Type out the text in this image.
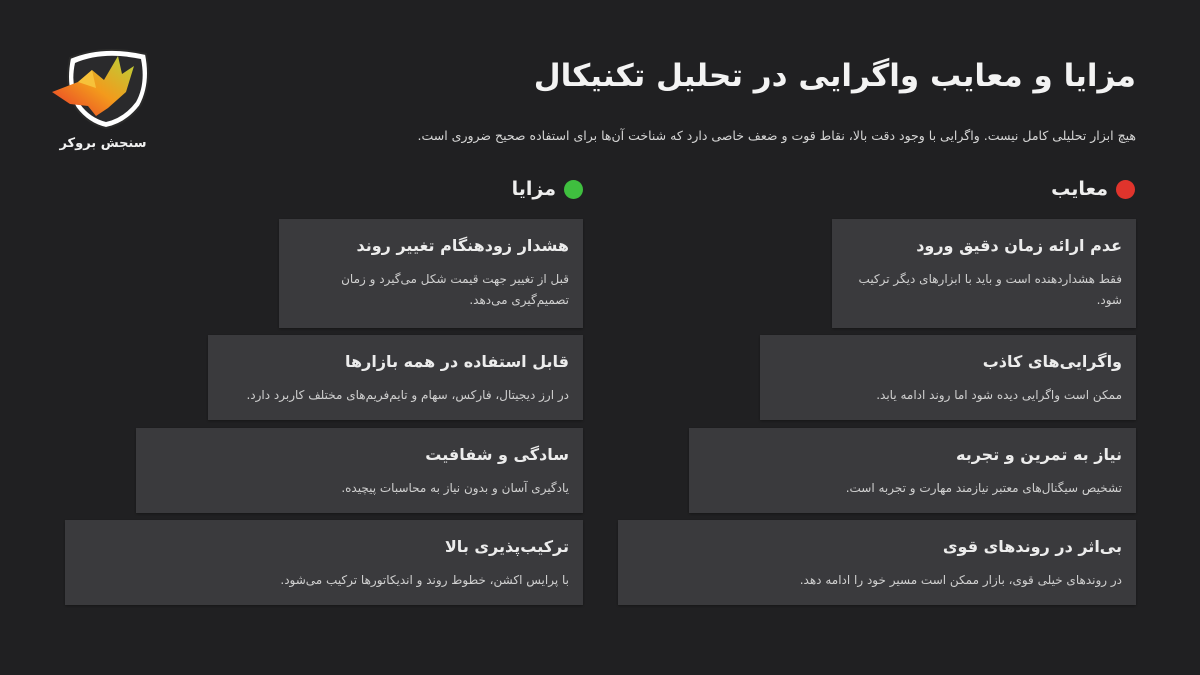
سنجش بروکر
مزایا و معایب واگرایی در تحلیل تکنیکال
هیچ ابزار تحلیلی کامل نیست. واگرایی با وجود دقت بالا، نقاط قوت و ضعف خاصی دارد که شناخت آن‌ها برای استفاده صحیح ضروری است.
مزایا	معایب
هشدار زودهنگام تغییر روند
قبل از تغییر جهت قیمت شکل می‌گیرد و زمان تصمیم‌گیری می‌دهد.
قابل استفاده در همه بازارها
در ارز دیجیتال، فارکس، سهام و تایم‌فریم‌های مختلف کاربرد دارد.
سادگی و شفافیت
یادگیری آسان و بدون نیاز به محاسبات پیچیده.
ترکیب‌پذیری بالا
با پرایس اکشن، خطوط روند و اندیکاتورها ترکیب می‌شود.
عدم ارائه زمان دقیق ورود
فقط هشداردهنده است و باید با ابزارهای دیگر ترکیب شود.
واگرایی‌های کاذب
ممکن است واگرایی دیده شود اما روند ادامه یابد.
نیاز به تمرین و تجربه
تشخیص سیگنال‌های معتبر نیازمند مهارت و تجربه است.
بی‌اثر در روندهای قوی
در روندهای خیلی قوی، بازار ممکن است مسیر خود را ادامه دهد.
